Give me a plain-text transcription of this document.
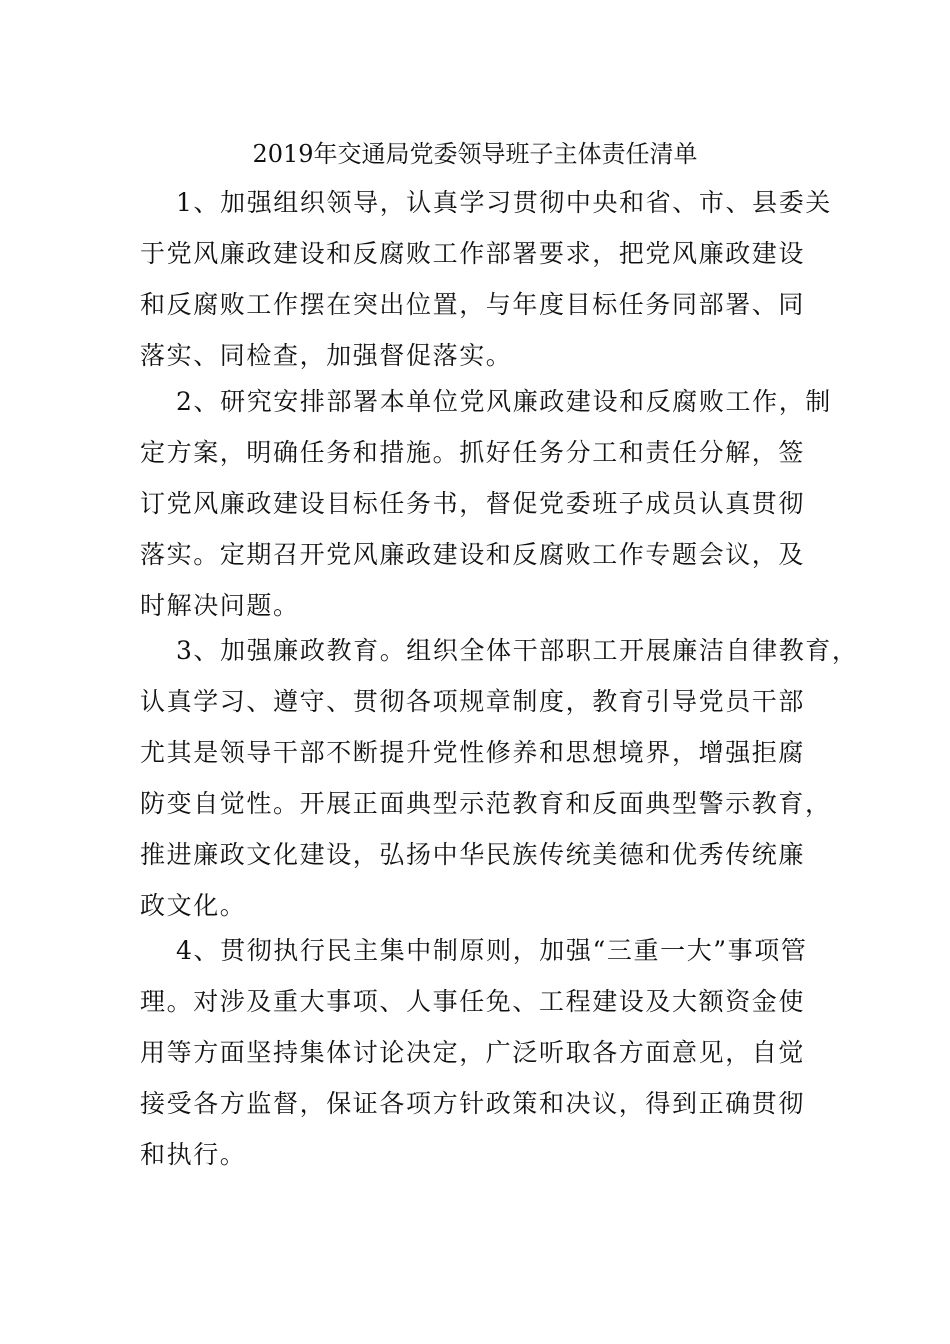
2019年交通局党委领导班子主体责任清单
1、加强组织领导，认真学习贯彻中央和省、市、县委关
于党风廉政建设和反腐败工作部署要求，把党风廉政建设
和反腐败工作摆在突出位置，与年度目标任务同部署、同
落实、同检查，加强督促落实。
2、研究安排部署本单位党风廉政建设和反腐败工作，制
定方案，明确任务和措施。抓好任务分工和责任分解，签
订党风廉政建设目标任务书，督促党委班子成员认真贯彻
落实。定期召开党风廉政建设和反腐败工作专题会议，及
时解决问题。
3、加强廉政教育。组织全体干部职工开展廉洁自律教育，
认真学习、遵守、贯彻各项规章制度，教育引导党员干部
尤其是领导干部不断提升党性修养和思想境界，增强拒腐
防变自觉性。开展正面典型示范教育和反面典型警示教育，
推进廉政文化建设，弘扬中华民族传统美德和优秀传统廉
政文化。
4、贯彻执行民主集中制原则，加强“三重一大”事项管
理。对涉及重大事项、人事任免、工程建设及大额资金使
用等方面坚持集体讨论决定，广泛听取各方面意见，自觉
接受各方监督，保证各项方针政策和决议，得到正确贯彻
和执行。
